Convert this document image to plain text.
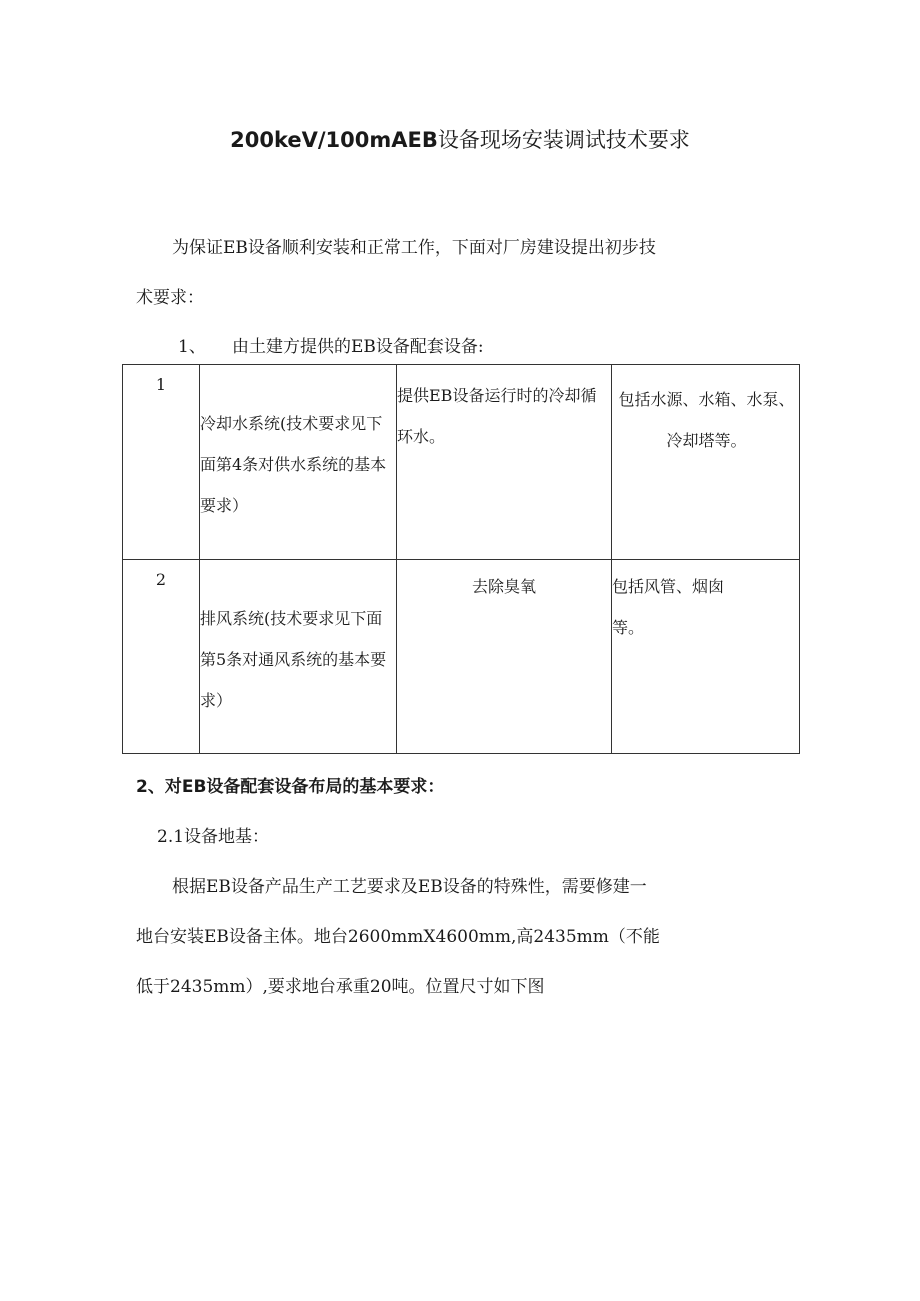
200keV/100mAEB设备现场安装调试技术要求
为保证EB设备顺利安装和正常工作，下面对厂房建设提出初步技
术要求：
1、 由土建方提供的EB设备配套设备:
1	冷却水系统(技术要求见下面第4条对供水系统的基本要求）	提供EB设备运行时的冷却循环水。	包括水源、水箱、水泵、冷却塔等。

2	排风系统(技术要求见下面第5条对通风系统的基本要求）	去除臭氧	包括风管、烟囱等。
2、对EB设备配套设备布局的基本要求：
2.1设备地基：
根据EB设备产品生产工艺要求及EB设备的特殊性，需要修建一
地台安装EB设备主体。地台2600mmX4600mm,高2435mm（不能
低于2435mm）,要求地台承重20吨。位置尺寸如下图
